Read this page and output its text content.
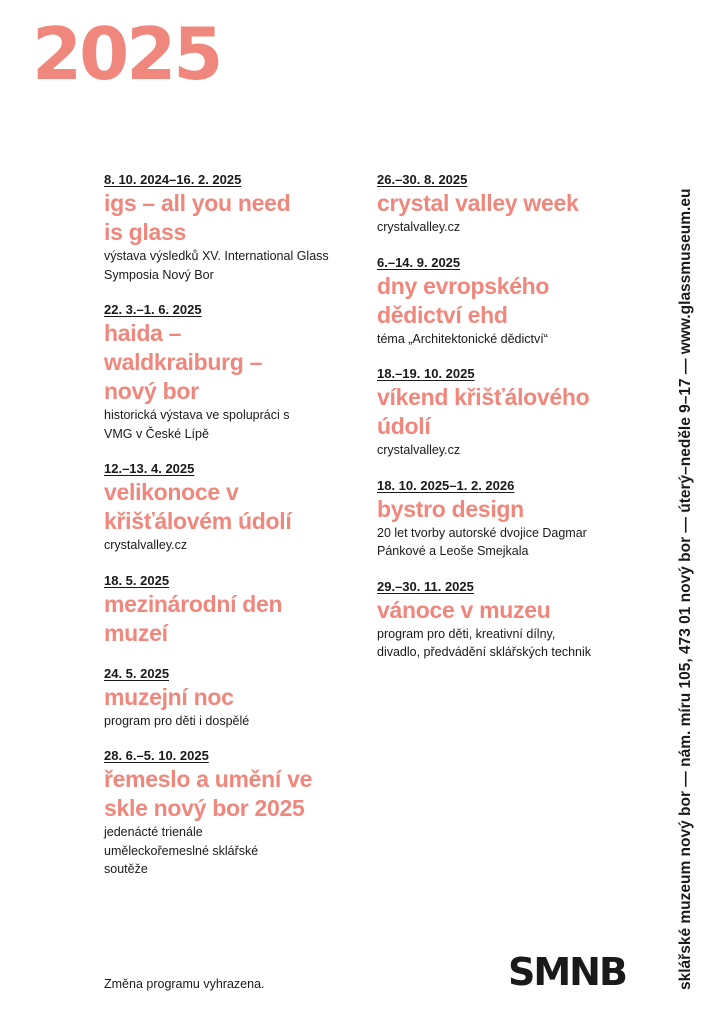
2025
8. 10. 2024–16. 2. 2025
igs – all you need is glass
výstava výsledků XV. International Glass Symposia Nový Bor
22. 3.–1. 6. 2025
haida – waldkraiburg – nový bor
historická výstava ve spolupráci s VMG v České Lípě
12.–13. 4. 2025
velikonoce v křišťálovém údolí
crystalvalley.cz
18. 5. 2025
mezinárodní den muzeí
24. 5. 2025
muzejní noc
program pro děti i dospělé
28. 6.–5. 10. 2025
řemeslo a umění ve skle nový bor 2025
jedenácté trienále uměleckořemeslné sklářské soutěže
26.–30. 8. 2025
crystal valley week
crystalvalley.cz
6.–14. 9. 2025
dny evropského dědictví ehd
téma „Architektonické dědictví“
18.–19. 10. 2025
víkend křišťálového údolí
crystalvalley.cz
18. 10. 2025–1. 2. 2026
bystro design
20 let tvorby autorské dvojice Dagmar Pánkové a Leoše Smejkala
29.–30. 11. 2025
vánoce v muzeu
program pro děti, kreativní dílny, divadlo, předvádění sklářských technik
Změna programu vyhrazena.	SMNB	sklářské muzeum nový bor — nám. míru 105, 473 01 nový bor — úterý–neděle 9–17 — www.glassmuseum.eu
